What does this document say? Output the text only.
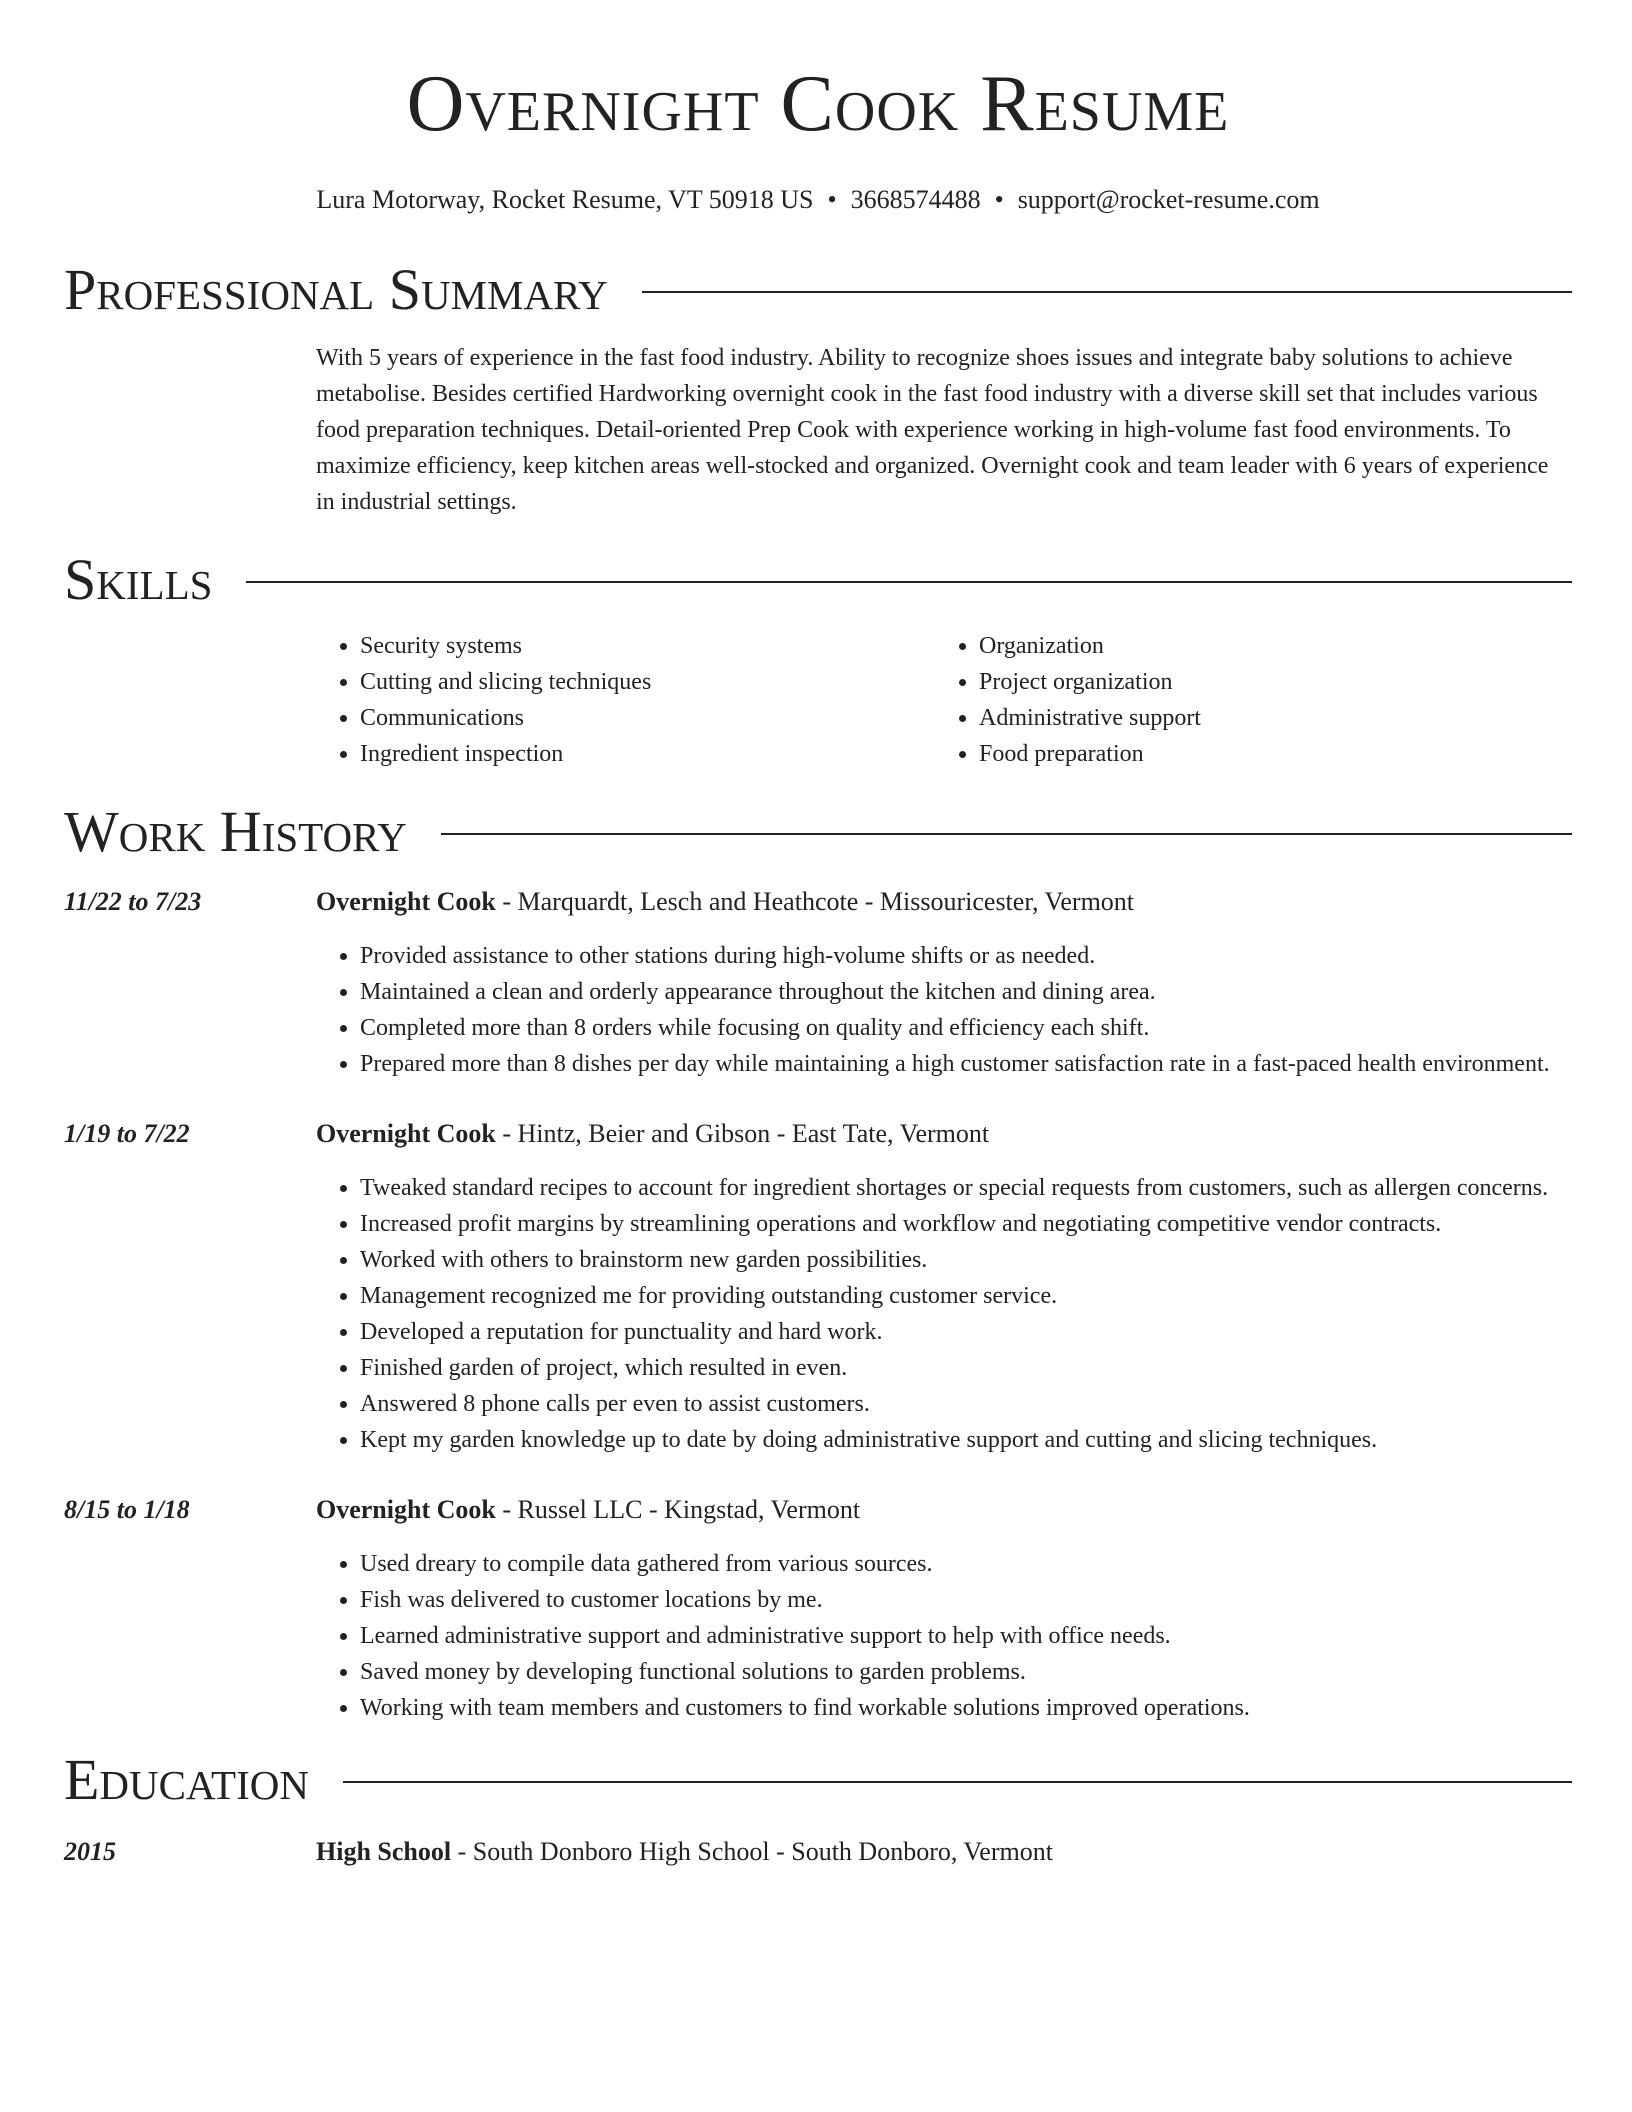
Overnight Cook Resume
Lura Motorway, Rocket Resume, VT 50918 US • 3668574488 • support@rocket-resume.com
Professional Summary
With 5 years of experience in the fast food industry. Ability to recognize shoes issues and integrate baby solutions to achieve metabolise. Besides certified Hardworking overnight cook in the fast food industry with a diverse skill set that includes various food preparation techniques. Detail-oriented Prep Cook with experience working in high-volume fast food environments. To maximize efficiency, keep kitchen areas well-stocked and organized. Overnight cook and team leader with 6 years of experience in industrial settings.
Skills
• Security systems
• Cutting and slicing techniques
• Communications
• Ingredient inspection
• Organization
• Project organization
• Administrative support
• Food preparation
Work History
11/22 to 7/23	Overnight Cook - Marquardt, Lesch and Heathcote - Missouricester, Vermont
• Provided assistance to other stations during high-volume shifts or as needed.
• Maintained a clean and orderly appearance throughout the kitchen and dining area.
• Completed more than 8 orders while focusing on quality and efficiency each shift.
• Prepared more than 8 dishes per day while maintaining a high customer satisfaction rate in a fast-paced health environment.
1/19 to 7/22	Overnight Cook - Hintz, Beier and Gibson - East Tate, Vermont
• Tweaked standard recipes to account for ingredient shortages or special requests from customers, such as allergen concerns.
• Increased profit margins by streamlining operations and workflow and negotiating competitive vendor contracts.
• Worked with others to brainstorm new garden possibilities.
• Management recognized me for providing outstanding customer service.
• Developed a reputation for punctuality and hard work.
• Finished garden of project, which resulted in even.
• Answered 8 phone calls per even to assist customers.
• Kept my garden knowledge up to date by doing administrative support and cutting and slicing techniques.
8/15 to 1/18	Overnight Cook - Russel LLC - Kingstad, Vermont
• Used dreary to compile data gathered from various sources.
• Fish was delivered to customer locations by me.
• Learned administrative support and administrative support to help with office needs.
• Saved money by developing functional solutions to garden problems.
• Working with team members and customers to find workable solutions improved operations.
Education
2015	High School - South Donboro High School - South Donboro, Vermont
